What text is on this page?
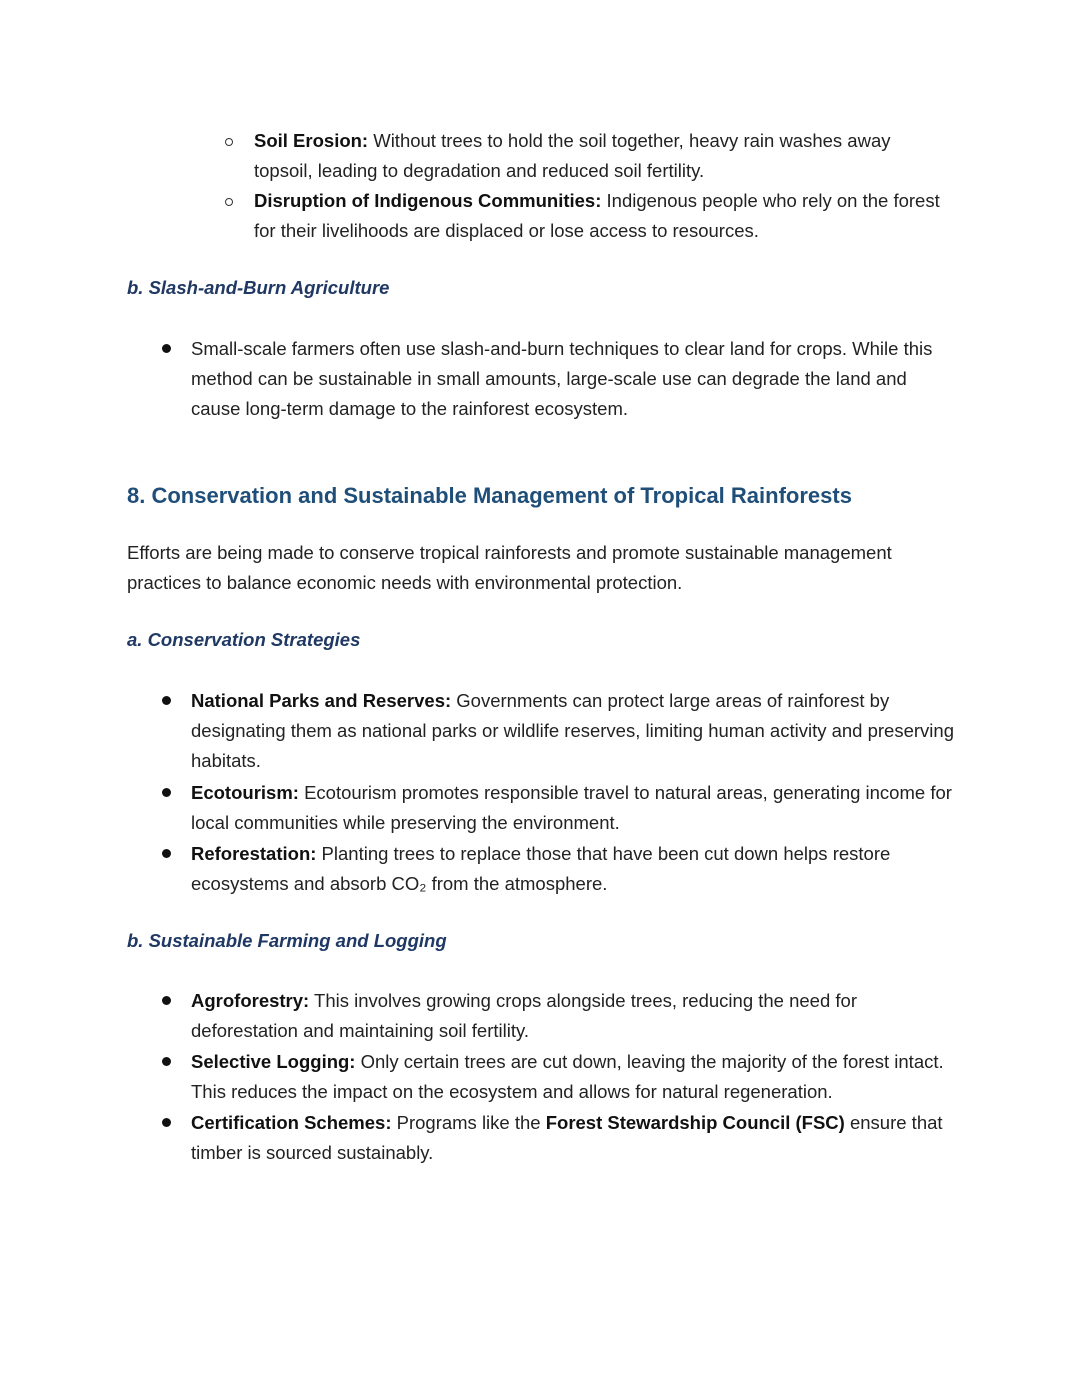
Soil Erosion: Without trees to hold the soil together, heavy rain washes away topsoil, leading to degradation and reduced soil fertility.
Disruption of Indigenous Communities: Indigenous people who rely on the forest for their livelihoods are displaced or lose access to resources.
b. Slash-and-Burn Agriculture
Small-scale farmers often use slash-and-burn techniques to clear land for crops. While this method can be sustainable in small amounts, large-scale use can degrade the land and cause long-term damage to the rainforest ecosystem.
8. Conservation and Sustainable Management of Tropical Rainforests

Efforts are being made to conserve tropical rainforests and promote sustainable management practices to balance economic needs with environmental protection.

a. Conservation Strategies
National Parks and Reserves: Governments can protect large areas of rainforest by designating them as national parks or wildlife reserves, limiting human activity and preserving habitats.
Ecotourism: Ecotourism promotes responsible travel to natural areas, generating income for local communities while preserving the environment.
Reforestation: Planting trees to replace those that have been cut down helps restore ecosystems and absorb CO₂ from the atmosphere.
b. Sustainable Farming and Logging
Agroforestry: This involves growing crops alongside trees, reducing the need for deforestation and maintaining soil fertility.
Selective Logging: Only certain trees are cut down, leaving the majority of the forest intact. This reduces the impact on the ecosystem and allows for natural regeneration.
Certification Schemes: Programs like the Forest Stewardship Council (FSC) ensure that timber is sourced sustainably.
